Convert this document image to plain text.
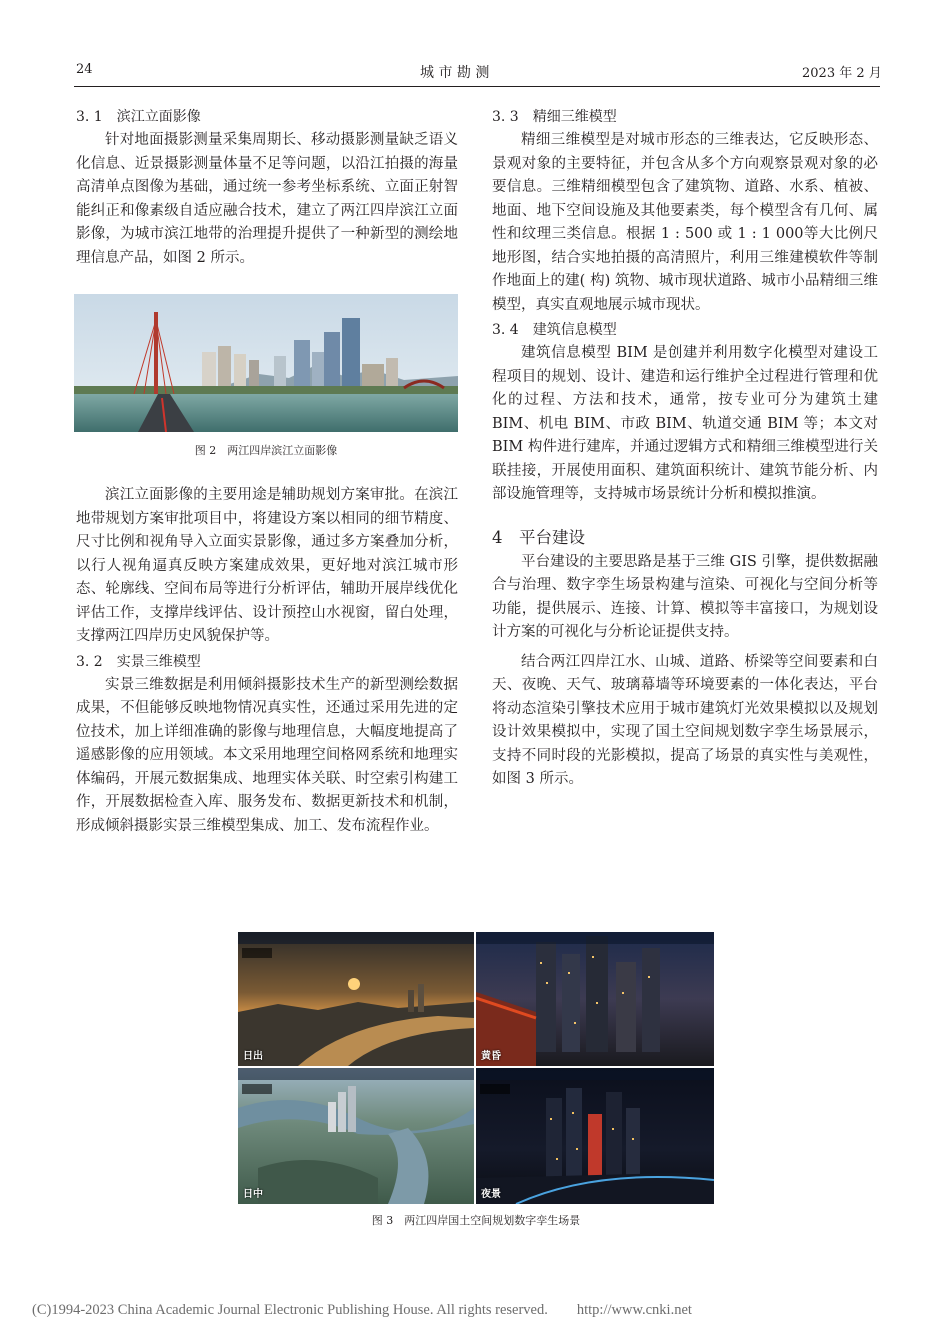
24	城 市 勘 测	2023 年 2 月
3. 1　滨江立面影像

针对地面摄影测量采集周期长、移动摄影测量缺乏语义化信息、近景摄影测量体量不足等问题，以沿江拍摄的海量高清单点图像为基础，通过统一参考坐标系统、立面正射智能纠正和像素级自适应融合技术，建立了两江四岸滨江立面影像，为城市滨江地带的治理提升提供了一种新型的测绘地理信息产品，如图 2 所示。

图 2　两江四岸滨江立面影像

滨江立面影像的主要用途是辅助规划方案审批。在滨江地带规划方案审批项目中，将建设方案以相同的细节精度、尺寸比例和视角导入立面实景影像，通过多方案叠加分析，以行人视角逼真反映方案建成效果，更好地对滨江城市形态、轮廓线、空间布局等进行分析评估，辅助开展岸线优化评估工作，支撑岸线评估、设计预控山水视窗，留白处理，支撑两江四岸历史风貌保护等。

3. 2　实景三维模型

实景三维数据是利用倾斜摄影技术生产的新型测绘数据成果，不但能够反映地物情况真实性，还通过采用先进的定位技术，加上详细准确的影像与地理信息，大幅度地提高了遥感影像的应用领域。本文采用地理空间格网系统和地理实体编码，开展元数据集成、地理实体关联、时空索引构建工作，开展数据检查入库、服务发布、数据更新技术和机制，形成倾斜摄影实景三维模型集成、加工、发布流程作业。

3. 3　精细三维模型

精细三维模型是对城市形态的三维表达，它反映形态、景观对象的主要特征，并包含从多个方向观察景观对象的必要信息。三维精细模型包含了建筑物、道路、水系、植被、地面、地下空间设施及其他要素类，每个模型含有几何、属性和纹理三类信息。根据 1 : 500 或 1 : 1 000等大比例尺地形图，结合实地拍摄的高清照片，利用三维建模软件等制作地面上的建( 构) 筑物、城市现状道路、城市小品精细三维模型，真实直观地展示城市现状。

3. 4　建筑信息模型

建筑信息模型 BIM 是创建并利用数字化模型对建设工程项目的规划、设计、建造和运行维护全过程进行管理和优化的过程、方法和技术，通常，按专业可分为建筑土建 BIM、机电 BIM、市政 BIM、轨道交通 BIM 等；本文对 BIM 构件进行建库，并通过逻辑方式和精细三维模型进行关联挂接，开展使用面积、建筑面积统计、建筑节能分析、内部设施管理等，支持城市场景统计分析和模拟推演。

4　平台建设

平台建设的主要思路是基于三维 GIS 引擎，提供数据融合与治理、数字孪生场景构建与渲染、可视化与空间分析等功能，提供展示、连接、计算、模拟等丰富接口，为规划设计方案的可视化与分析论证提供支持。

结合两江四岸江水、山城、道路、桥梁等空间要素和白天、夜晚、天气、玻璃幕墙等环境要素的一体化表达，平台将动态渲染引擎技术应用于城市建筑灯光效果模拟以及规划设计效果模拟中，实现了国土空间规划数字孪生场景展示，支持不同时段的光影模拟，提高了场景的真实性与美观性，如图 3 所示。

日出	黄昏
日中	夜景
图 3　两江四岸国土空间规划数字孪生场景
(C)1994-2023 China Academic Journal Electronic Publishing House. All rights reserved.　　http://www.cnki.net
